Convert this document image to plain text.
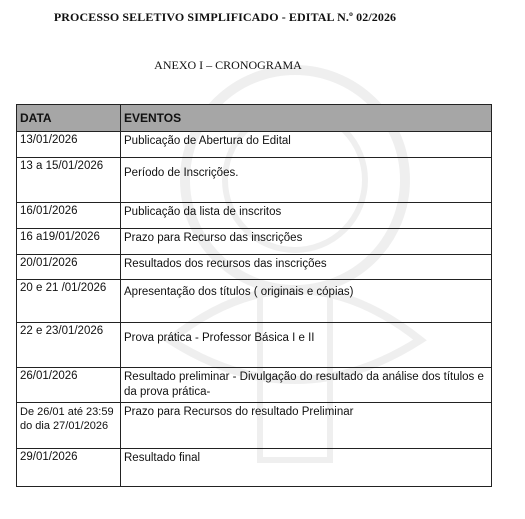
PROCESSO SELETIVO SIMPLIFICADO - EDITAL N.º 02/2026
ANEXO I – CRONOGRAMA
DATA	EVENTOS
13/01/2026	Publicação de Abertura do Edital
13 a 15/01/2026	Período de Inscrições.
16/01/2026	Publicação da lista de inscritos
16 a19/01/2026	Prazo para Recurso das inscrições
20/01/2026	Resultados dos recursos das inscrições
20 e 21 /01/2026	Apresentação dos títulos ( originais e cópias)
22 e 23/01/2026	Prova prática - Professor Básica I e II
26/01/2026	Resultado preliminar - Divulgação do resultado da análise dos títulos e da prova prática-
De 26/01 até 23:59 do dia 27/01/2026	Prazo para Recursos do resultado Preliminar
29/01/2026	Resultado final
